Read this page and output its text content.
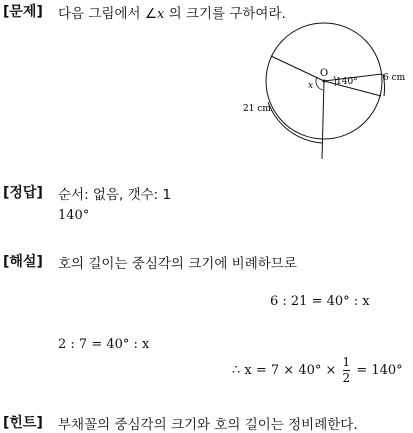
[문제] 다음 그림에서 ∠x 의 크기를 구하여라.
O
140°
x
6 cm
21 cm
[정답] 순서: 없음, 갯수: 1
140°
[해설] 호의 길이는 중심각의 크기에 비례하므로
6 : 21 = 40° : x
2 : 7 = 40° : x
∴ $x = 7 \times 40^\circ \times \frac{1}{2} = 140^\circ$
[힌트] 부채꼴의 중심각의 크기와 호의 길이는 정비례한다.
